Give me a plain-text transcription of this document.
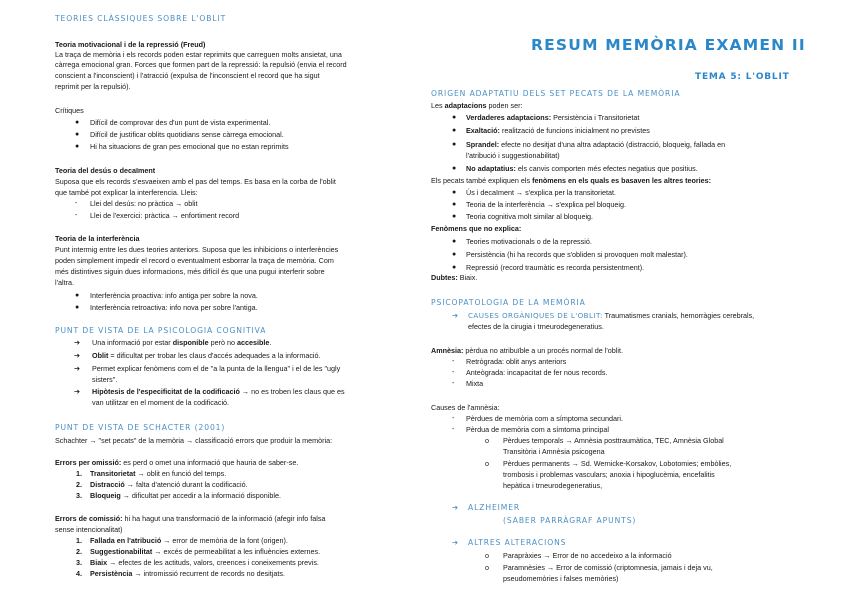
TEORIES CLÀSSIQUES SOBRE L'OBLIT
Teoria motivacional i de la repressió (Freud)
La traça de memòria i els records poden estar reprimits que carreguen molts ansietat, una
càrrega emocional gran. Forces que formen part de la repressió: la repulsió (envia el record
conscient a l'inconscient) i l'atracció (expulsa de l'inconscient el record que ha sigut
reprimit per la repulsió).
Crítiques
● Difícil de comprovar des d'un punt de vista experimental.
● Difícil de justificar oblits quotidians sense càrrega emocional.
● Hi ha situacions de gran pes emocional que no estan reprimits
Teoria del desús o decaïment
Suposa que els records s'esvaeixen amb el pas del temps. Es basa en la corba de l'oblit
que també pot explicar la interferencia. Lleis:
- Llei del desús: no pràctica → oblit
- Llei de l'exercici: pràctica → enfortiment record
Teoria de la interferència
Punt intermig entre les dues teories anteriors. Suposa que les inhibicions o interferències
poden simplement impedir el record o eventualment esborrar la traça de memòria. Com
més distintives siguin dues informacions, més difícil és que una pugui interferir sobre
l'altra.
● Interferència proactiva: info antiga per sobre la nova.
● Interferència retroactiva: info nova per sobre l'antiga.
PUNT DE VISTA DE LA PSICOLOGIA COGNITIVA
➔ Una informació por estar disponible però no accesible.
➔ Oblit = dificultat per trobar les claus d'accés adequades a la informació.
➔ Permet explicar fenòmens com el de "a la punta de la llengua" i el de les "ugly
sisters".
➔ Hipòtesis de l'especificitat de la codificació → no es troben les claus que es
van utilitzar en el moment de la codificació.
PUNT DE VISTA DE SCHACTER (2001)
Schachter → "set pecats" de la memòria → classificació errors que produir la memòria:
Errors per omissió: es perd o omet una informació que hauria de saber-se.
1. Transitorietat → oblit en funció del temps.
2. Distracció → falta d'atenció durant la codificació.
3. Bloqueig → dificultat per accedir a la informació disponible.
Errors de comissió: hi ha hagut una transformació de la informació (afegir info falsa
sense intencionalitat)
1. Fallada en l'atribució → error de memòria de la font (origen).
2. Suggestionabilitat → excés de permeabilitat a les influències externes.
3. Biaix → efectes de les actituds, valors, creences i coneixements previs.
4. Persistència → intromissió recurrent de records no desitjats.
RESUM MEMÒRIA EXAMEN II
TEMA 5: L'OBLIT
ORIGEN ADAPTATIU DELS SET PECATS DE LA MEMÒRIA
Les adaptacions poden ser:
● Verdaderes adaptacions: Persistència i Transitorietat
● Exaltació: realització de funcions inicialment no previstes
● Sprandel: efecte no desitjat d'una altra adaptació (distracció, bloqueig, fallada en
l'atribució i suggestionabilitat)
● No adaptatius: els canvis comporten més efectes negatius que positius.
Els pecats també expliquen els fenòmens en els quals es basaven les altres teories:
● Ús i decaïment → s'explica per la transitorietat.
● Teoria de la interferència → s'explica pel bloqueig.
● Teoria cognitiva molt similar al bloqueig.
Fenòmens que no explica:
● Teories motivacionals o de la repressió.
● Persistència (hi ha records que s'obliden si provoquen molt malestar).
● Repressió (record traumàtic es recorda persistentment).
Dubtes: Biaix.
PSICOPATOLOGIA DE LA MEMÒRIA
➔ CAUSES ORGÀNIQUES DE L'OBLIT: Traumatismes cranials, hemorràgies cerebrals,
efectes de la cirugia i trneurodegeneratius.
Amnèsia: pèrdua no atribuïble a un procés normal de l'oblit.
- Retrògrada: oblit anys anteriors
- Anteògrada: incapacitat de fer nous records.
- Mixta
Causes de l'amnèsia:
- Pèrdues de memòria com a símptoma secundari.
- Pèrdua de memòria com a símtoma principal
o Pèrdues temporals → Amnèsia posttraumàtica, TEC, Amnèsia Global
Transitòria i Amnèsia psicogena
o Pèrdues permanents → Sd. Wernicke-Korsakov, Lobotomies; embòlies,
trombosis i problemas vasculars; anoxia i hipoglucèmia, encefalitis
hepàtica i trneurodegeneratius,
➔ ALZHEIMER
(SABER PARRÀGRAF APUNTS)
➔ ALTRES ALTERACIONS
o Parapràxies → Error de no accedeixo a la informació
o Paramnèsies → Error de comissió (criptomnesia, jamais i deja vu,
pseudomemòries i falses memòries)
